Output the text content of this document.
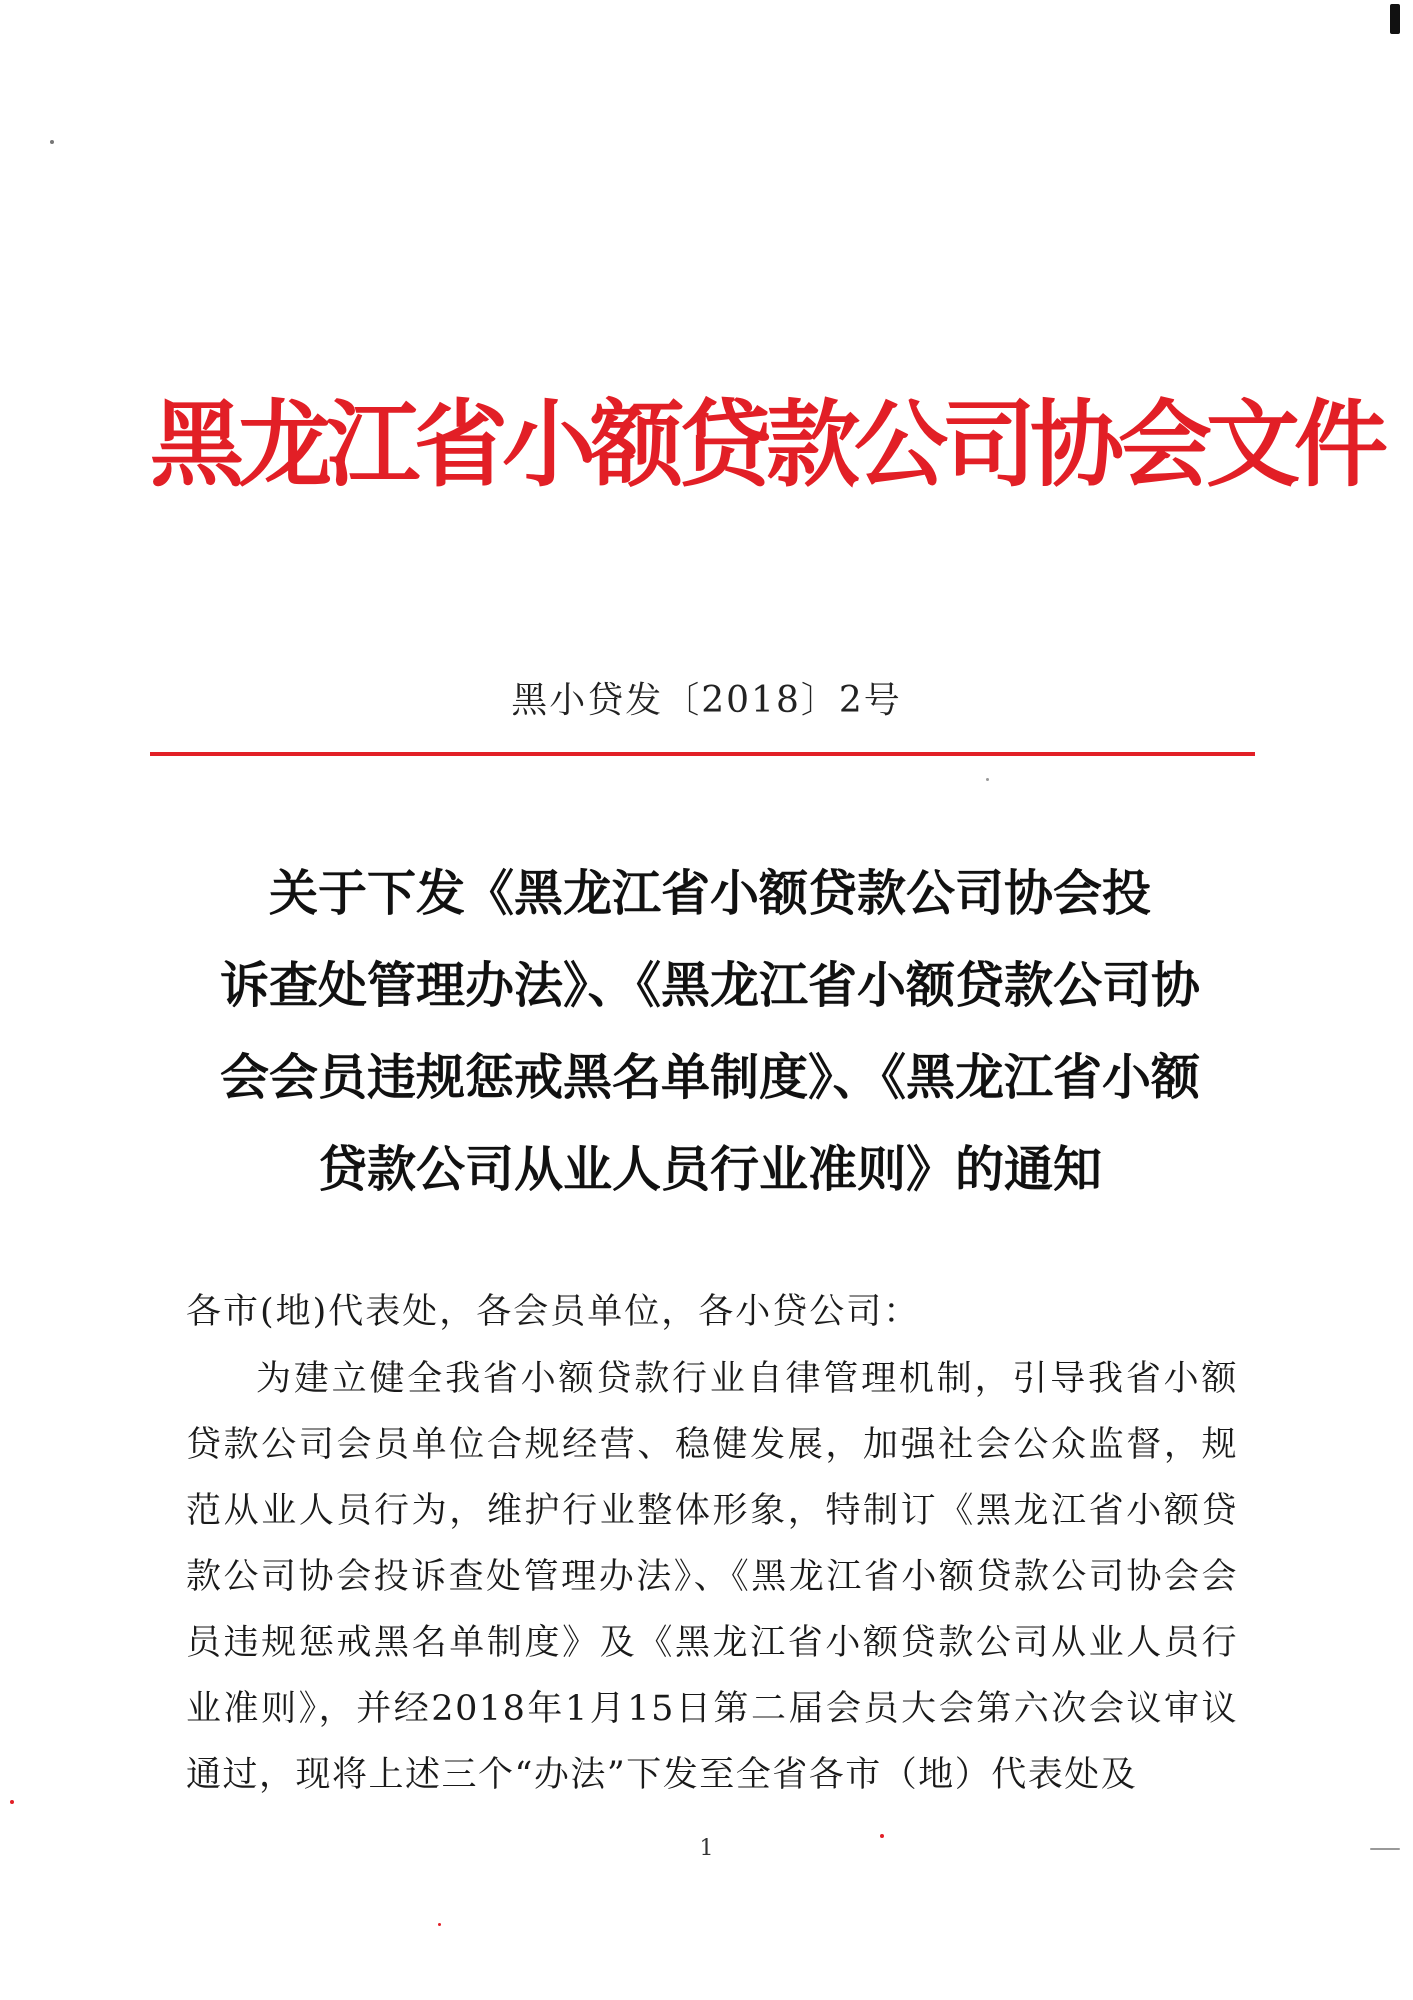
黑龙江省小额贷款公司协会文件
黑小贷发〔2018〕2号
关于下发《黑龙江省小额贷款公司协会投
诉查处管理办法》、《黑龙江省小额贷款公司协
会会员违规惩戒黑名单制度》、《黑龙江省小额
贷款公司从业人员行业准则》的通知
各市(地)代表处，各会员单位，各小贷公司：
为建立健全我省小额贷款行业自律管理机制，引导我省小额贷款公司会员单位合规经营、稳健发展，加强社会公众监督，规范从业人员行为，维护行业整体形象，特制订《黑龙江省小额贷款公司协会投诉查处管理办法》、《黑龙江省小额贷款公司协会会员违规惩戒黑名单制度》及《黑龙江省小额贷款公司从业人员行业准则》，并经2018年1月15日第二届会员大会第六次会议审议通过，现将上述三个“办法”下发至全省各市（地）代表处及
1
